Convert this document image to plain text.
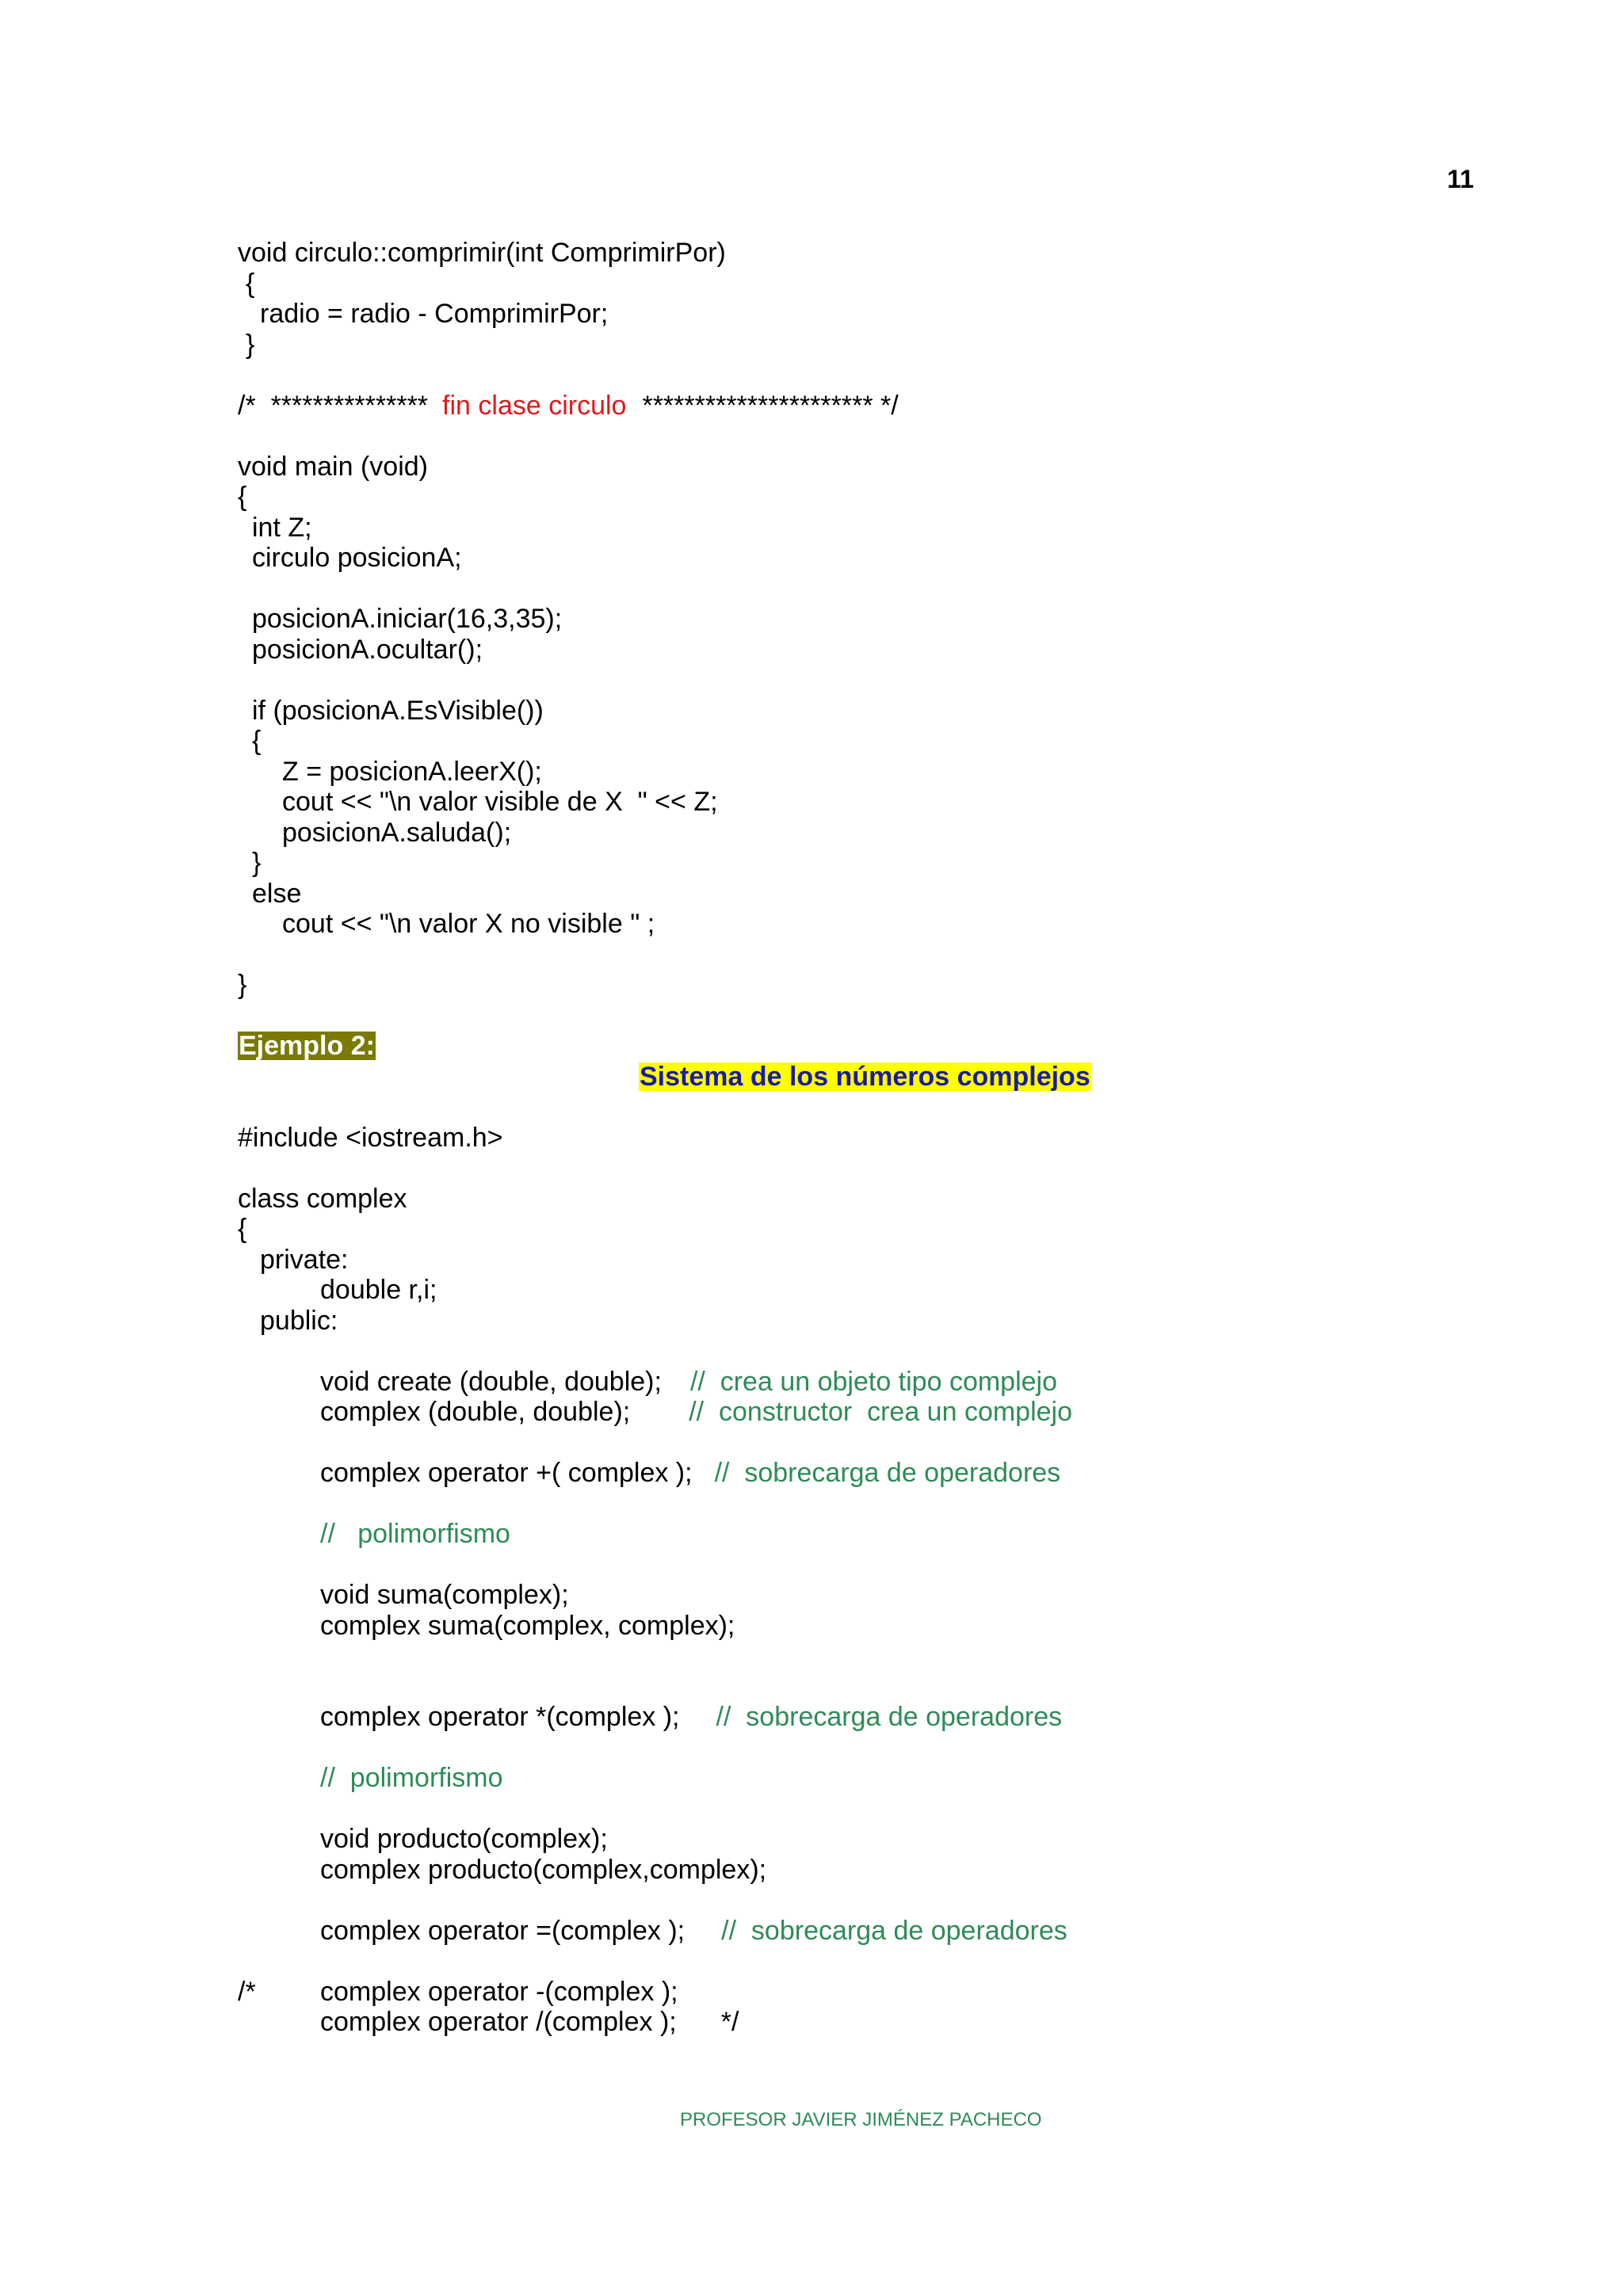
11
void circulo::comprimir(int ComprimirPor)
{
radio = radio - ComprimirPor;
}
/*  *************** fin clase circulo ********************** */
void main (void)
{
int Z;
circulo posicionA;
posicionA.iniciar(16,3,35);
posicionA.ocultar();
if (posicionA.EsVisible())
{
Z = posicionA.leerX();
cout << "\n valor visible de X  " << Z;
posicionA.saluda();
}
else
cout << "\n valor X no visible " ;
}
Ejemplo 2:
Sistema de los números complejos
#include <iostream.h>
class complex
{
private:
double r,i;
public:
void create (double, double); //  crea un objeto tipo complejo
complex (double, double); //  constructor  crea un complejo
complex operator +( complex ); //  sobrecarga de operadores
//   polimorfismo
void suma(complex);
complex suma(complex, complex);
complex operator *(complex ); //  sobrecarga de operadores
//  polimorfismo
void producto(complex);
complex producto(complex,complex);
complex operator =(complex ); //  sobrecarga de operadores
/* complex operator -(complex );
complex operator /(complex ); */
PROFESOR JAVIER JIMÉNEZ PACHECO
